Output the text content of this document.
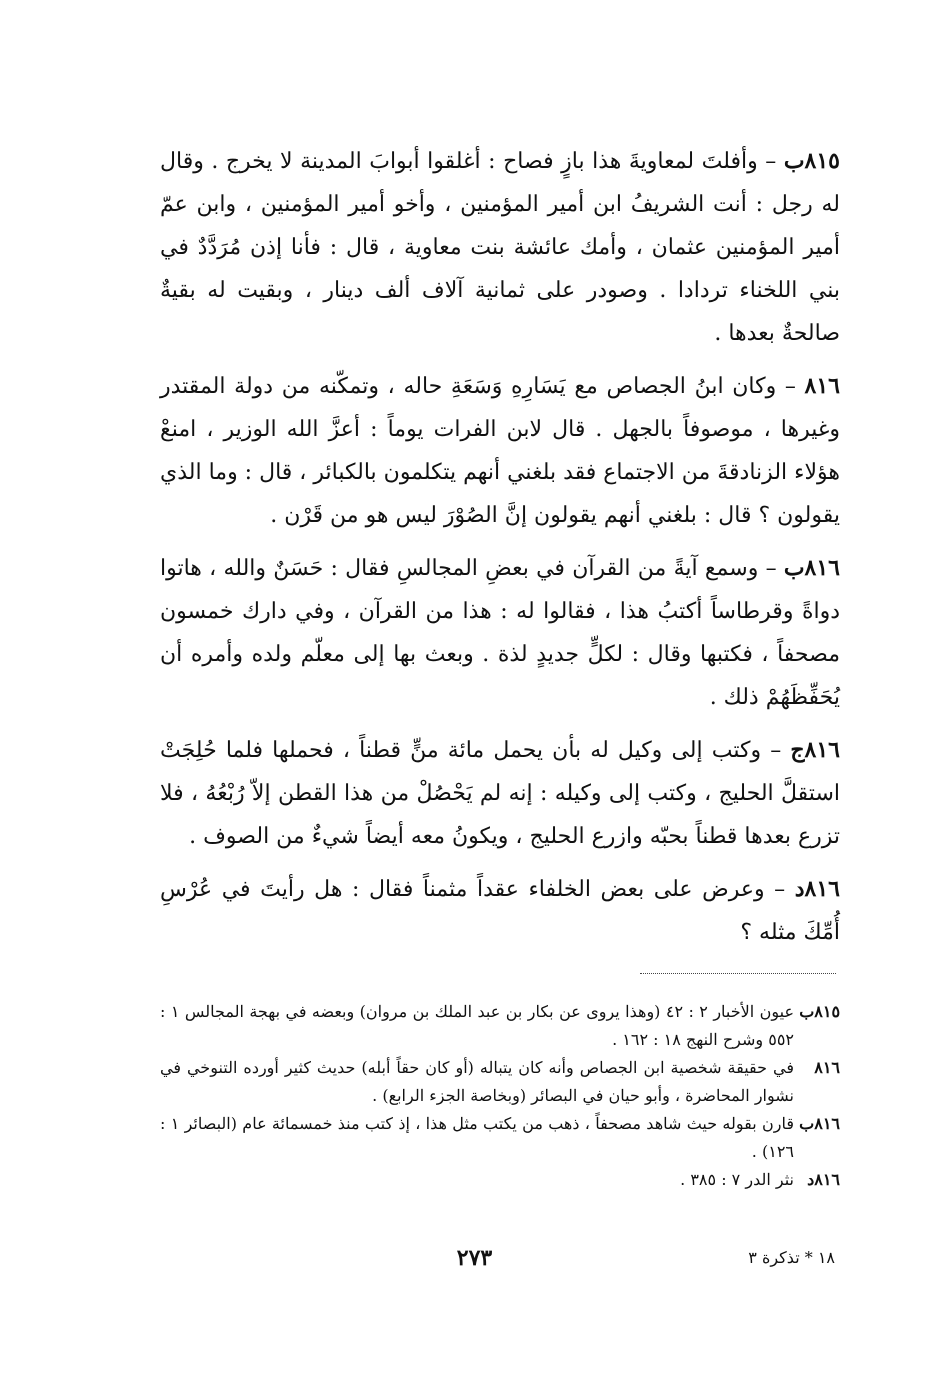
٨١٥ب – وأفلتَ لمعاويةَ هذا بازٍ فصاح : أغلقوا أبوابَ المدينة لا يخرج . وقال له رجل : أنت الشريفُ ابن أمير المؤمنين ، وأخو أمير المؤمنين ، وابن عمّ أمير المؤمنين عثمان ، وأمك عائشة بنت معاوية ، قال : فأنا إذن مُرَدَّدٌ في بني اللخناء تردادا . وصودر على ثمانية آلاف ألف دينار ، وبقيت له بقيةٌ صالحةٌ بعدها .

٨١٦ – وكان ابنُ الجصاص مع يَسَارِهِ وَسَعَةِ حاله ، وتمكّنه من دولة المقتدر وغيرها ، موصوفاً بالجهل . قال لابن الفرات يوماً : أعزَّ الله الوزير ، امنعْ هؤلاء الزنادقةَ من الاجتماع فقد بلغني أنهم يتكلمون بالكبائر ، قال : وما الذي يقولون ؟ قال : بلغني أنهم يقولون إنَّ الصُوْرَ ليس هو من قَرْن .

٨١٦ب – وسمع آيةً من القرآن في بعضِ المجالسِ فقال : حَسَنٌ والله ، هاتوا دواةً وقرطاساً أكتبُ هذا ، فقالوا له : هذا من القرآن ، وفي دارك خمسون مصحفاً ، فكتبها وقال : لكلٍّ جديدٍ لذة . وبعث بها إلى معلّم ولده وأمره أن يُحَفِّظَهُمْ ذلك .

٨١٦ج – وكتب إلى وكيل له بأن يحمل مائة منٍّ قطناً ، فحملها فلما حُلِجَتْ استقلَّ الحليج ، وكتب إلى وكيله : إنه لم يَحْصُلْ من هذا القطن إلاّ رُبْعُهُ ، فلا تزرع بعدها قطناً بحبّه وازرع الحليج ، ويكونُ معه أيضاً شيءٌ من الصوف .

٨١٦د – وعرض على بعض الخلفاء عقداً مثمناً فقال : هل رأيتَ في عُرْسِ أُمِّكَ مثله ؟

٨١٥بعيون الأخبار ٢ : ٤٢ (وهذا يروى عن بكار بن عبد الملك بن مروان) وبعضه في بهجة المجالس ١ : ٥٥٢ وشرح النهج ١٨ : ١٦٢ .

٨١٦في حقيقة شخصية ابن الجصاص وأنه كان يتباله (أو كان حقاً أبله) حديث كثير أورده التنوخي في نشوار المحاضرة ، وأبو حيان في البصائر (وبخاصة الجزء الرابع) .

٨١٦بقارن بقوله حيث شاهد مصحفاً ، ذهب من يكتب مثل هذا ، إذ كتب منذ خمسمائة عام (البصائر ١ : ١٢٦) .

٨١٦دنثر الدر ٧ : ٣٨٥ .

٢٧٣	١٨ * تذكرة ٣
